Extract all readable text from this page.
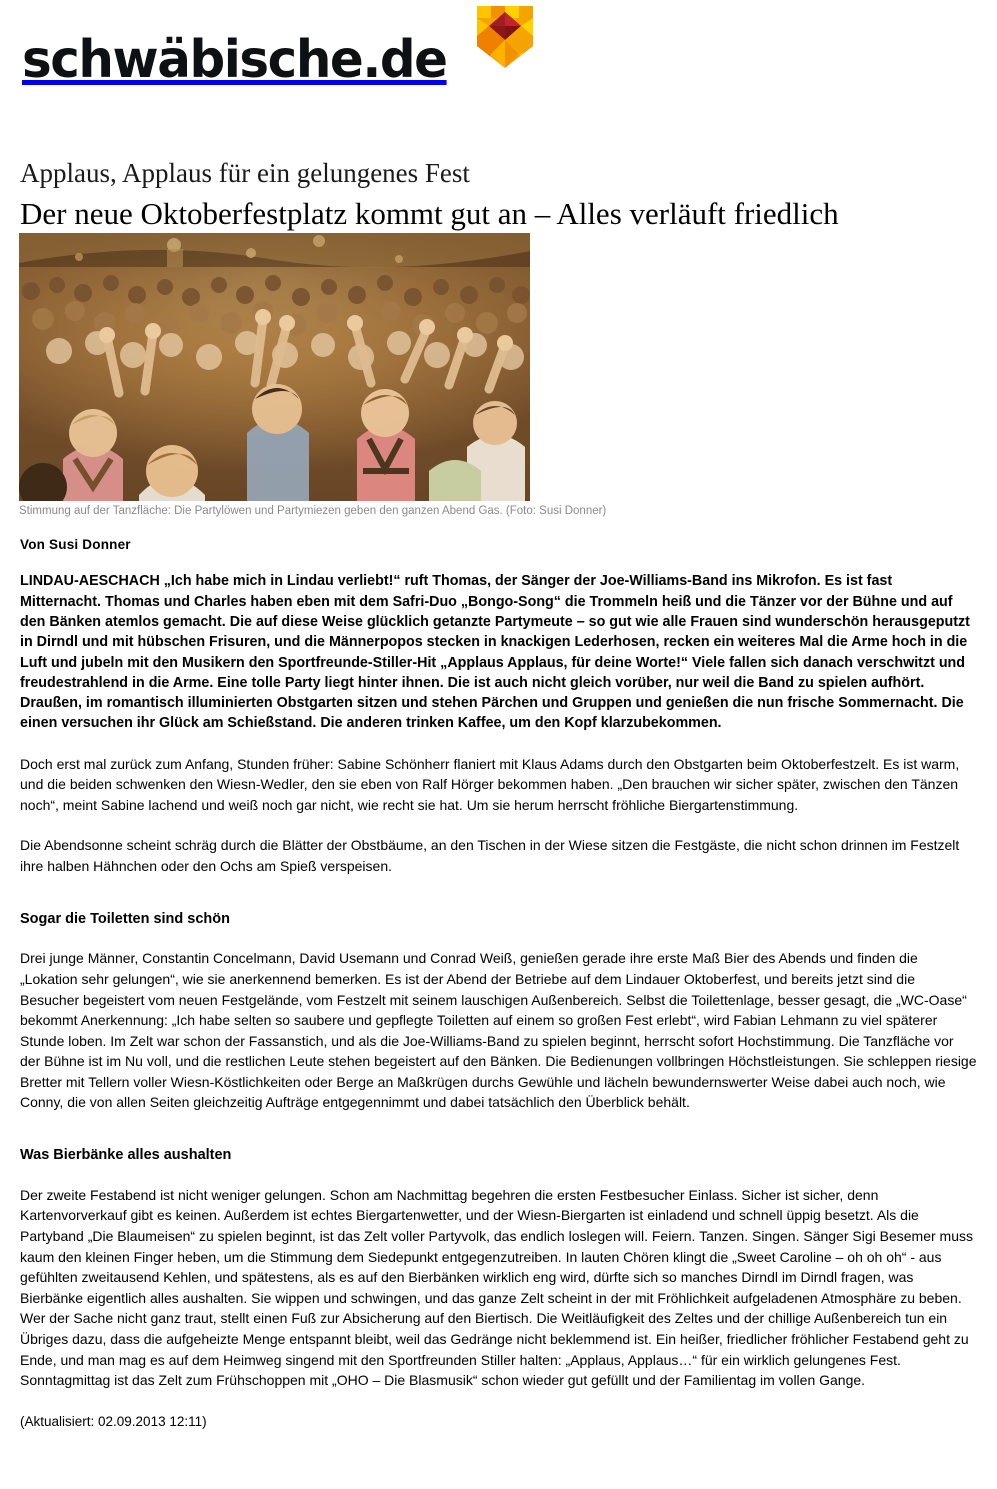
schwäbische.de
Applaus, Applaus für ein gelungenes Fest
Der neue Oktoberfestplatz kommt gut an – Alles verläuft friedlich
Stimmung auf der Tanzfläche: Die Partylöwen und Partymiezen geben den ganzen Abend Gas. (Foto: Susi Donner)
Von Susi Donner

LINDAU-AESCHACH „Ich habe mich in Lindau verliebt!“ ruft Thomas, der Sänger der Joe-Williams-Band ins Mikrofon. Es ist fast Mitternacht. Thomas und Charles haben eben mit dem Safri-Duo „Bongo-Song“ die Trommeln heiß und die Tänzer vor der Bühne und auf den Bänken atemlos gemacht. Die auf diese Weise glücklich getanzte Partymeute – so gut wie alle Frauen sind wunderschön herausgeputzt in Dirndl und mit hübschen Frisuren, und die Männerpopos stecken in knackigen Lederhosen, recken ein weiteres Mal die Arme hoch in die Luft und jubeln mit den Musikern den Sportfreunde-Stiller-Hit „Applaus Applaus, für deine Worte!“ Viele fallen sich danach verschwitzt und freudestrahlend in die Arme. Eine tolle Party liegt hinter ihnen. Die ist auch nicht gleich vorüber, nur weil die Band zu spielen aufhört. Draußen, im romantisch illuminierten Obstgarten sitzen und stehen Pärchen und Gruppen und genießen die nun frische Sommernacht. Die einen versuchen ihr Glück am Schießstand. Die anderen trinken Kaffee, um den Kopf klarzubekommen.

Doch erst mal zurück zum Anfang, Stunden früher: Sabine Schönherr flaniert mit Klaus Adams durch den Obstgarten beim Oktoberfestzelt. Es ist warm, und die beiden schwenken den Wiesn-Wedler, den sie eben von Ralf Hörger bekommen haben. „Den brauchen wir sicher später, zwischen den Tänzen noch“, meint Sabine lachend und weiß noch gar nicht, wie recht sie hat. Um sie herum herrscht fröhliche Biergartenstimmung.

Die Abendsonne scheint schräg durch die Blätter der Obstbäume, an den Tischen in der Wiese sitzen die Festgäste, die nicht schon drinnen im Festzelt ihre halben Hähnchen oder den Ochs am Spieß verspeisen.

Sogar die Toiletten sind schön

Drei junge Männer, Constantin Concelmann, David Usemann und Conrad Weiß, genießen gerade ihre erste Maß Bier des Abends und finden die „Lokation sehr gelungen“, wie sie anerkennend bemerken. Es ist der Abend der Betriebe auf dem Lindauer Oktoberfest, und bereits jetzt sind die Besucher begeistert vom neuen Festgelände, vom Festzelt mit seinem lauschigen Außenbereich. Selbst die Toilettenlage, besser gesagt, die „WC-Oase“ bekommt Anerkennung: „Ich habe selten so saubere und gepflegte Toiletten auf einem so großen Fest erlebt“, wird Fabian Lehmann zu viel späterer Stunde loben. Im Zelt war schon der Fassanstich, und als die Joe-Williams-Band zu spielen beginnt, herrscht sofort Hochstimmung. Die Tanzfläche vor der Bühne ist im Nu voll, und die restlichen Leute stehen begeistert auf den Bänken. Die Bedienungen vollbringen Höchstleistungen. Sie schleppen riesige Bretter mit Tellern voller Wiesn-Köstlichkeiten oder Berge an Maßkrügen durchs Gewühle und lächeln bewundernswerter Weise dabei auch noch, wie Conny, die von allen Seiten gleichzeitig Aufträge entgegennimmt und dabei tatsächlich den Überblick behält.

Was Bierbänke alles aushalten

Der zweite Festabend ist nicht weniger gelungen. Schon am Nachmittag begehren die ersten Festbesucher Einlass. Sicher ist sicher, denn Kartenvorverkauf gibt es keinen. Außerdem ist echtes Biergartenwetter, und der Wiesn-Biergarten ist einladend und schnell üppig besetzt. Als die Partyband „Die Blaumeisen“ zu spielen beginnt, ist das Zelt voller Partyvolk, das endlich loslegen will. Feiern. Tanzen. Singen. Sänger Sigi Besemer muss kaum den kleinen Finger heben, um die Stimmung dem Siedepunkt entgegenzutreiben. In lauten Chören klingt die „Sweet Caroline – oh oh oh“ - aus gefühlten zweitausend Kehlen, und spätestens, als es auf den Bierbänken wirklich eng wird, dürfte sich so manches Dirndl im Dirndl fragen, was Bierbänke eigentlich alles aushalten. Sie wippen und schwingen, und das ganze Zelt scheint in der mit Fröhlichkeit aufgeladenen Atmosphäre zu beben. Wer der Sache nicht ganz traut, stellt einen Fuß zur Absicherung auf den Biertisch. Die Weitläufigkeit des Zeltes und der chillige Außenbereich tun ein Übriges dazu, dass die aufgeheizte Menge entspannt bleibt, weil das Gedränge nicht beklemmend ist. Ein heißer, friedlicher fröhlicher Festabend geht zu Ende, und man mag es auf dem Heimweg singend mit den Sportfreunden Stiller halten: „Applaus, Applaus…“ für ein wirklich gelungenes Fest. Sonntagmittag ist das Zelt zum Frühschoppen mit „OHO – Die Blasmusik“ schon wieder gut gefüllt und der Familientag im vollen Gange.

(Aktualisiert: 02.09.2013 12:11)
